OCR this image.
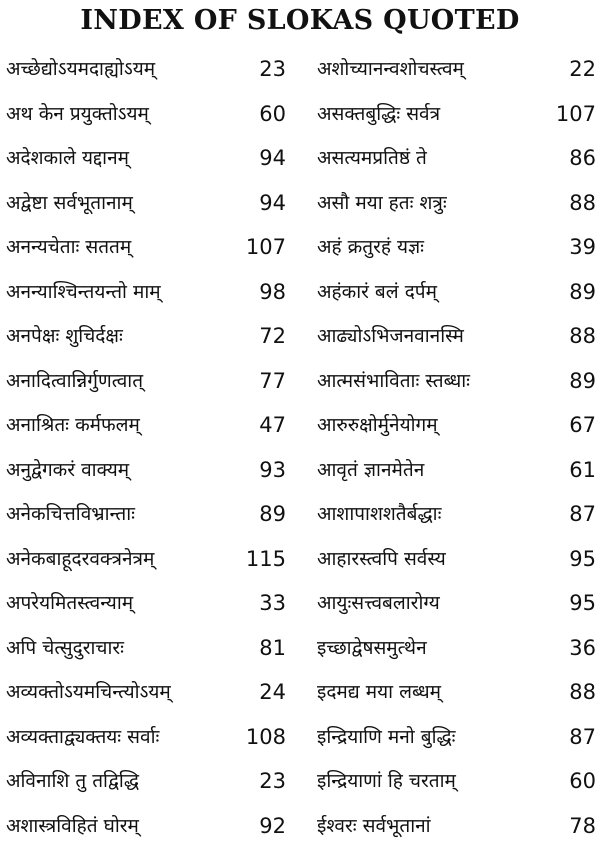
INDEX OF SLOKAS QUOTED
अच्छेद्योऽयमदाह्योऽयम्	23
अथ केन प्रयुक्तोऽयम्	60
अदेशकाले यद्दानम्	94
अद्वेष्टा सर्वभूतानाम्	94
अनन्यचेताः सततम्	107
अनन्याश्चिन्तयन्तो माम्	98
अनपेक्षः शुचिर्दक्षः	72
अनादित्वान्निर्गुणत्वात्	77
अनाश्रितः कर्मफलम्	47
अनुद्वेगकरं वाक्यम्	93
अनेकचित्तविभ्रान्ताः	89
अनेकबाहूदरवक्त्रनेत्रम्	115
अपरेयमितस्त्वन्याम्	33
अपि चेत्सुदुराचारः	81
अव्यक्तोऽयमचिन्त्योऽयम्	24
अव्यक्ताद्व्यक्तयः सर्वाः	108
अविनाशि तु तद्विद्धि	23
अशास्त्रविहितं घोरम्	92
अशोच्यानन्वशोचस्त्वम्	22
असक्तबुद्धिः सर्वत्र	107
असत्यमप्रतिष्ठं ते	86
असौ मया हतः शत्रुः	88
अहं क्रतुरहं यज्ञः	39
अहंकारं बलं दर्पम्	89
आढ्योऽभिजनवानस्मि	88
आत्मसंभाविताः स्तब्धाः	89
आरुरुक्षोर्मुनेयोगम्	67
आवृतं ज्ञानमेतेन	61
आशापाशशतैर्बद्धाः	87
आहारस्त्वपि सर्वस्य	95
आयुःसत्त्वबलारोग्य	95
इच्छाद्वेषसमुत्थेन	36
इदमद्य मया लब्धम्	88
इन्द्रियाणि मनो बुद्धिः	87
इन्द्रियाणां हि चरताम्	60
ईश्वरः सर्वभूतानां	78
